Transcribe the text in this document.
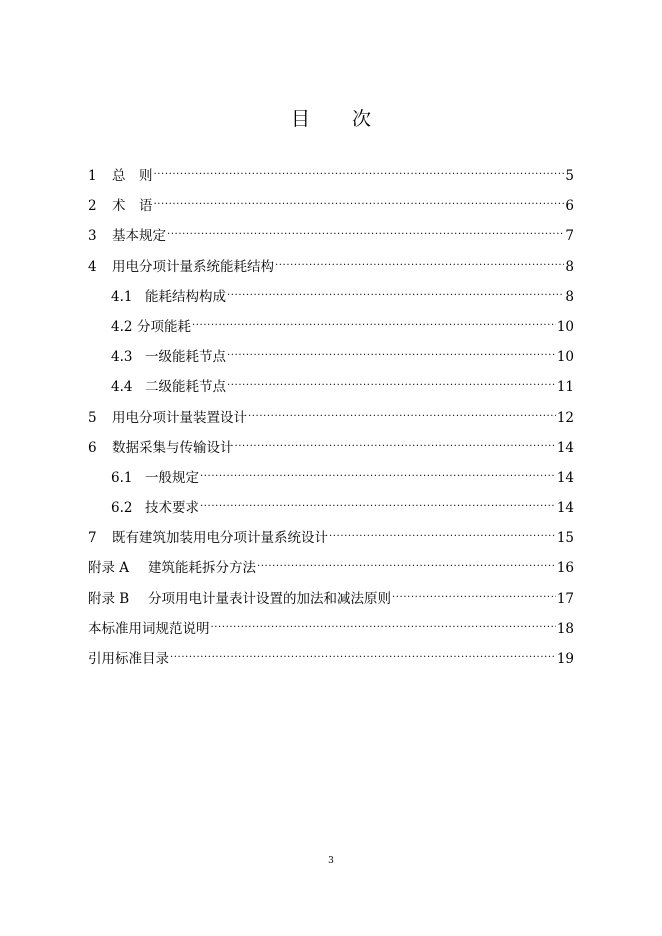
目 次
1	总　则 .....	5
2	术　语 .....	6
3	基本规定 .....	7
4	用电分项计量系统能耗结构 .....	8
4.1 能耗结构构成 .....	8
4.2 分项能耗 .....	10
4.3 一级能耗节点 .....	10
4.4 二级能耗节点 .....	11
5	用电分项计量装置设计 .....	12
6	数据采集与传输设计 .....	14
6.1 一般规定 .....	14
6.2 技术要求 .....	14
7	既有建筑加装用电分项计量系统设计 .....	15
附录 A	建筑能耗拆分方法 .....	16
附录 B	分项用电计量表计设置的加法和减法原则 .....	17
本标准用词规范说明 .....	18
引用标准目录 .....	19
3
